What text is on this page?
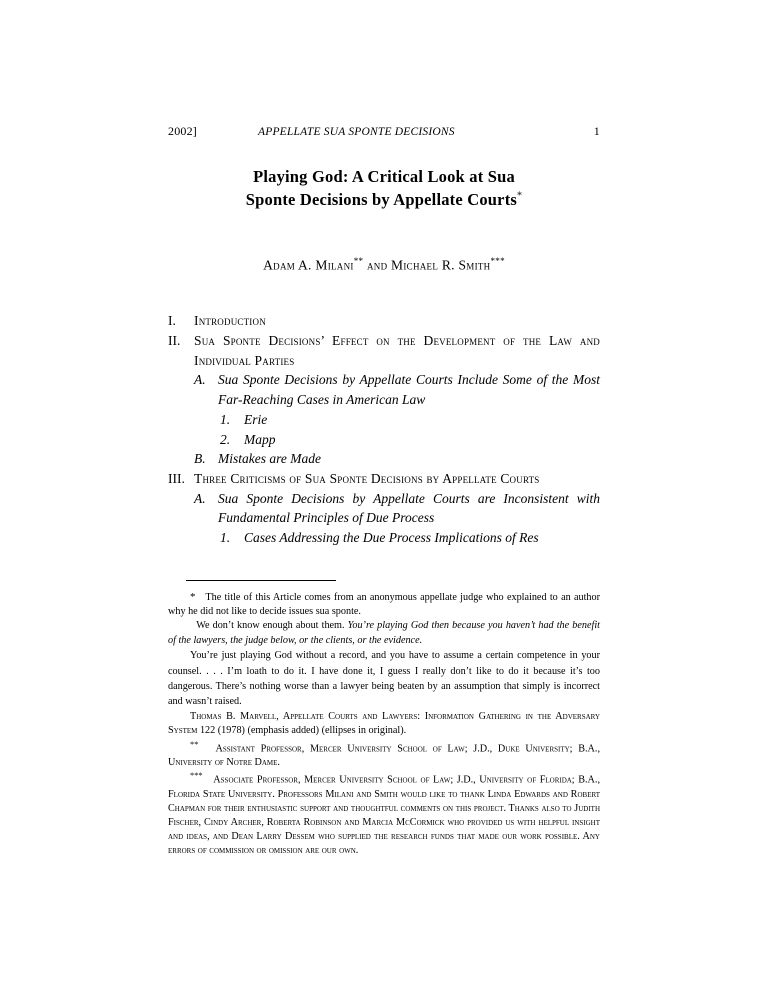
2002]	APPELLATE SUA SPONTE DECISIONS	1
Playing God: A Critical Look at Sua
Sponte Decisions by Appellate Courts*
Adam A. Milani** and Michael R. Smith***
I.	Introduction
II.	Sua Sponte Decisions’ Effect on the Development of the Law and Individual Parties
A. Sua Sponte Decisions by Appellate Courts Include Some of the Most Far-Reaching Cases in American Law
1.	Erie
2.	Mapp
B. Mistakes are Made
III. Three Criticisms of Sua Sponte Decisions by Appellate Courts
A. Sua Sponte Decisions by Appellate Courts are Inconsistent with Fundamental Principles of Due Process
1.	Cases Addressing the Due Process Implications of Res

* The title of this Article comes from an anonymous appellate judge who explained to an author why he did not like to decide issues sua sponte.

We don’t know enough about them. You’re playing God then because you haven’t had the benefit of the lawyers, the judge below, or the clients, or the evidence.

You’re just playing God without a record, and you have to assume a certain competence in your counsel. . . . I’m loath to do it. I have done it, I guess I really don’t like to do it because it’s too dangerous. There’s nothing worse than a lawyer being beaten by an assumption that simply is incorrect and wasn’t raised.

Thomas B. Marvell, Appellate Courts and Lawyers: Information Gathering in the Adversary System 122 (1978) (emphasis added) (ellipses in original).

** Assistant Professor, Mercer University School of Law; J.D., Duke University; B.A., University of Notre Dame.

*** Associate Professor, Mercer University School of Law; J.D., University of Florida; B.A., Florida State University. Professors Milani and Smith would like to thank Linda Edwards and Robert Chapman for their enthusiastic support and thoughtful comments on this project. Thanks also to Judith Fischer, Cindy Archer, Roberta Robinson and Marcia McCormick who provided us with helpful insight and ideas, and Dean Larry Dessem who supplied the research funds that made our work possible. Any errors of commission or omission are our own.
